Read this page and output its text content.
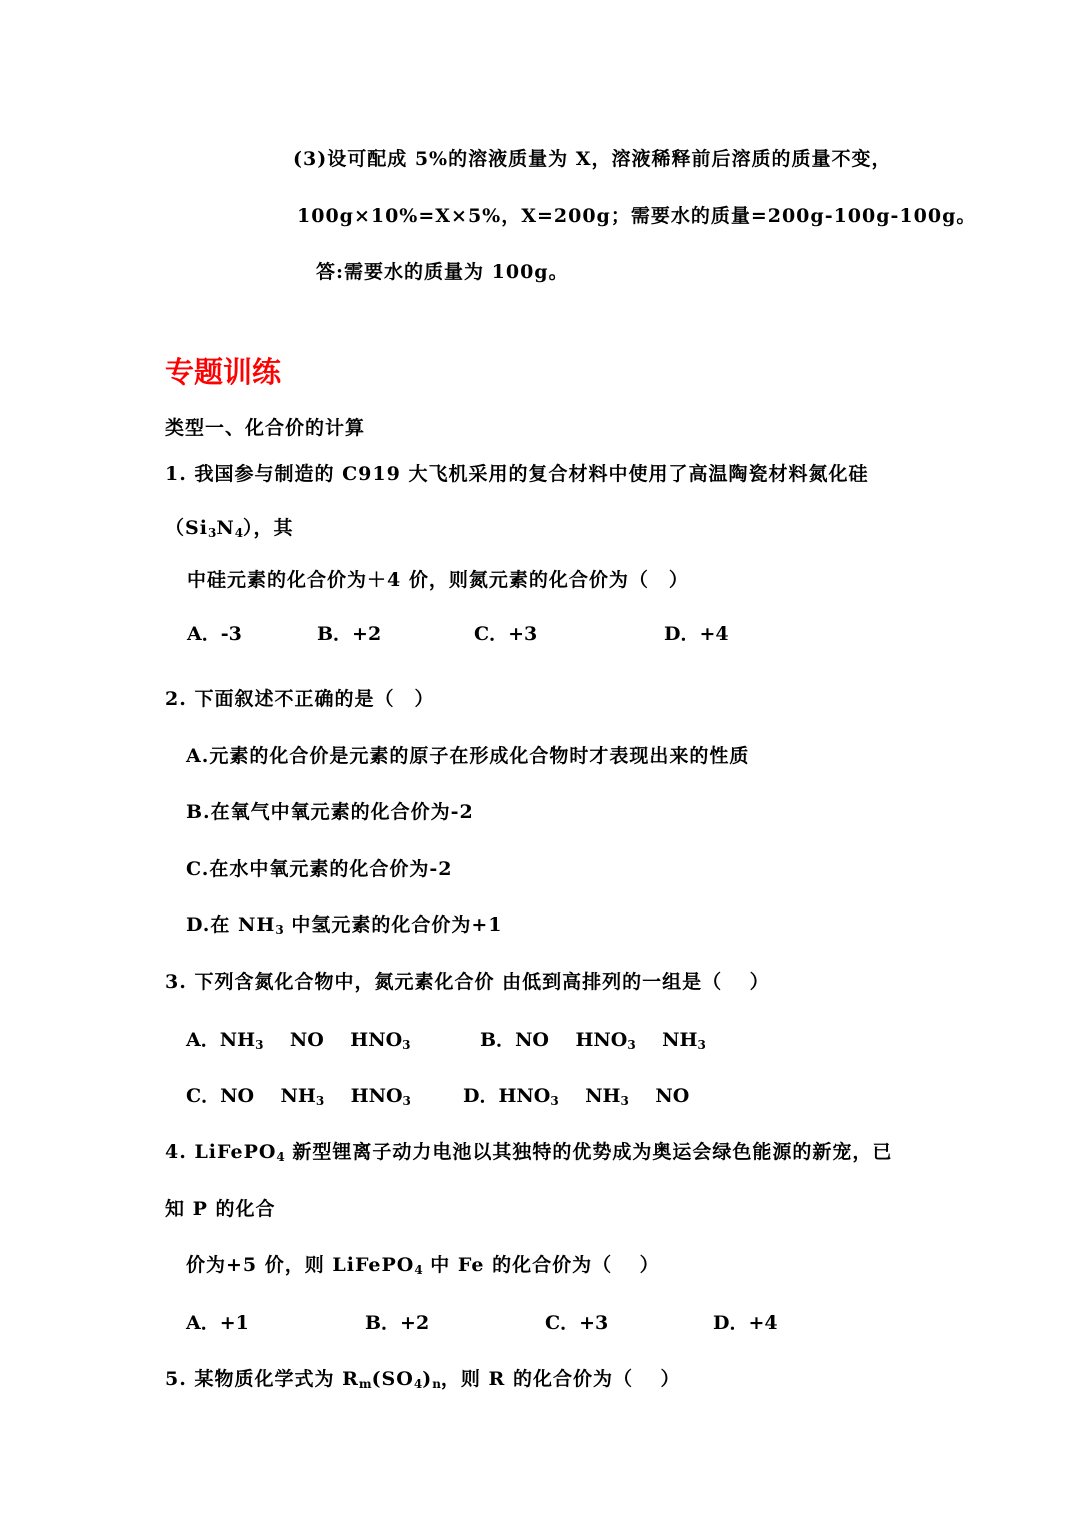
(3)设可配成 5%的溶液质量为 X，溶液稀释前后溶质的质量不变，
100g×10%=X×5%，X=200g；需要水的质量=200g-100g-100g。
答:需要水的质量为 100g。
专题训练
类型一、化合价的计算
1. 我国参与制造的 C919 大飞机采用的复合材料中使用了高温陶瓷材料氮化硅
$(Si_3N_4)$，其
中硅元素的化合价为＋4 价，则氮元素的化合价为（　）
A．-3	B．+2	C．+3	D．+4
2. 下面叙述不正确的是（　）
A.元素的化合价是元素的原子在形成化合物时才表现出来的性质
B.在氧气中氧元素的化合价为-2
C.在水中氧元素的化合价为-2
D.在 $NH_3$ 中氢元素的化合价为+1
3. 下列含氮化合物中，氮元素化合价 由低到高排列的一组是（　 ）
A．$NH_3$ NO $HNO_3$	B．NO $HNO_3$ $NH_3$
C．NO $NH_3$ $HNO_3$	D．$HNO_3$ $NH_3$ NO
4. LiFePO$_4$ 新型锂离子动力电池以其独特的优势成为奥运会绿色能源的新宠，已
知 P 的化合
价为+5 价，则 LiFePO$_4$ 中 Fe 的化合价为（　 ）
A．+1	B．+2	C．+3	D．+4
5. 某物质化学式为 $R_m(SO_4)_n$，则 R 的化合价为（　 ）
